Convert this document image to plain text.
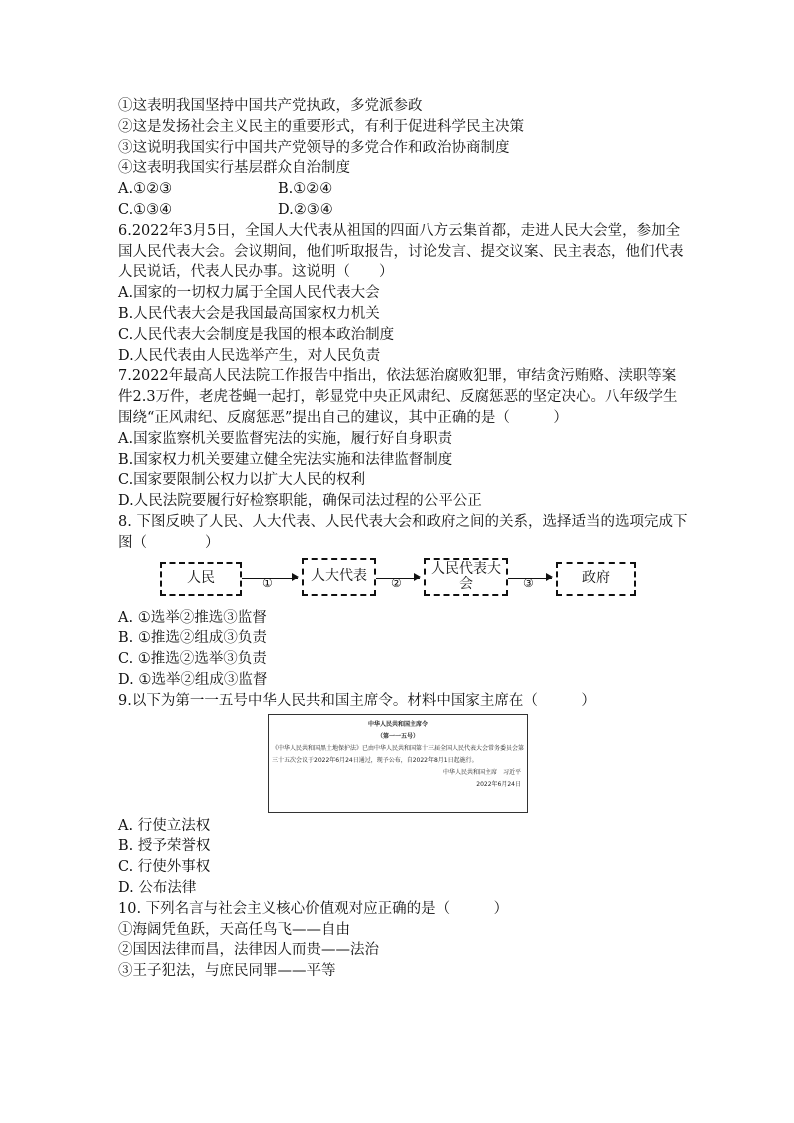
①这表明我国坚持中国共产党执政，多党派参政
②这是发扬社会主义民主的重要形式，有利于促进科学民主决策
③这说明我国实行中国共产党领导的多党合作和政治协商制度
④这表明我国实行基层群众自治制度
A.①②③	B.①②④
C.①③④	D.②③④
6.2022年3月5日，全国人大代表从祖国的四面八方云集首都，走进人民大会堂，参加全国人民代表大会。会议期间，他们听取报告，讨论发言、提交议案、民主表态，他们代表人民说话，代表人民办事。这说明（　　）
A.国家的一切权力属于全国人民代表大会
B.人民代表大会是我国最高国家权力机关
C.人民代表大会制度是我国的根本政治制度
D.人民代表由人民选举产生，对人民负责
7.2022年最高人民法院工作报告中指出，依法惩治腐败犯罪，审结贪污贿赂、渎职等案件2.3万件，老虎苍蝇一起打，彰显党中央正风肃纪、反腐惩恶的坚定决心。八年级学生围绕“正风肃纪、反腐惩恶”提出自己的建议，其中正确的是（　　　）
A.国家监察机关要监督宪法的实施，履行好自身职责
B.国家权力机关要建立健全宪法实施和法律监督制度
C.国家要限制公权力以扩大人民的权利
D.人民法院要履行好检察职能，确保司法过程的公平公正
8. 下图反映了人民、人大代表、人民代表大会和政府之间的关系，选择适当的选项完成下图（　　　　）
人民	①	人大代表	②
人民代表大会	③	政府
A. ①选举②推选③监督
B. ①推选②组成③负责
C. ①推选②选举③负责
D. ①选举②组成③监督
9.以下为第一一五号中华人民共和国主席令。材料中国家主席在（　　　）
中华人民共和国主席令
（第一一五号）
《中华人民共和国黑土地保护法》已由中华人民共和国第十三届全国人民代表大会常务委员会第三十五次会议于2022年6月24日通过，现予公布，自2022年8月1日起施行。
中华人民共和国主席　习近平
2022年6月24日
A. 行使立法权
B. 授予荣誉权
C. 行使外事权
D. 公布法律
10. 下列名言与社会主义核心价值观对应正确的是（　　　）
①海阔凭鱼跃，天高任鸟飞——自由
②国因法律而昌，法律因人而贵——法治
③王子犯法，与庶民同罪——平等
